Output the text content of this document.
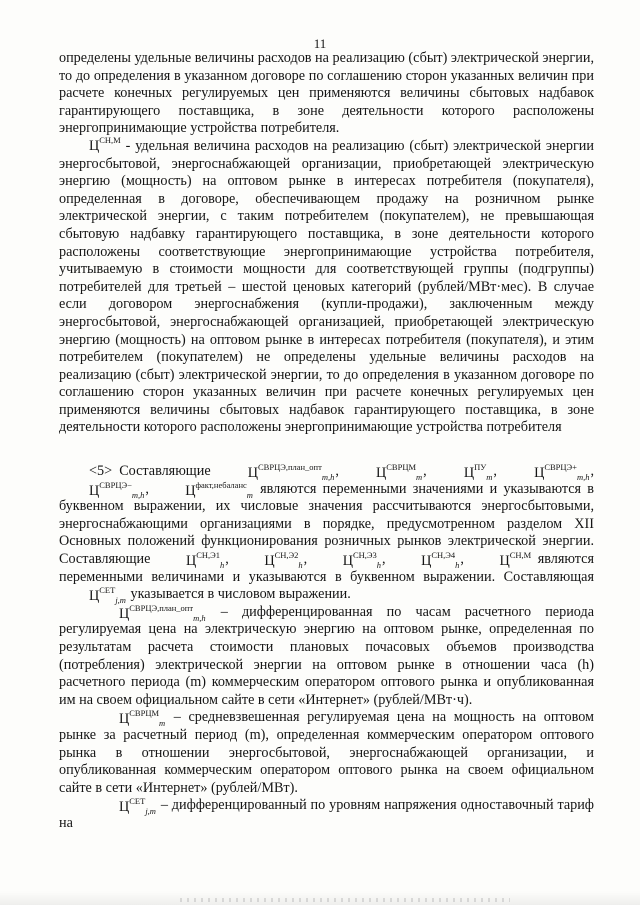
11

определены удельные величины расходов на реализацию (сбыт) электрической энергии, то до определения в указанном договоре по соглашению сторон указанных величин при расчете конечных регулируемых цен применяются величины сбытовых надбавок гарантирующего поставщика, в зоне деятельности которого расположены энергопринимающие устройства потребителя.

$Ц^{СН,М}$ - удельная величина расходов на реализацию (сбыт) электрической энергии энергосбытовой, энергоснабжающей организации, приобретающей электрическую энергию (мощность) на оптовом рынке в интересах потребителя (покупателя), определенная в договоре, обеспечивающем продажу на розничном рынке электрической энергии, с таким потребителем (покупателем), не превышающая сбытовую надбавку гарантирующего поставщика, в зоне деятельности которого расположены соответствующие энергопринимающие устройства потребителя, учитываемую в стоимости мощности для соответствующей группы (подгруппы) потребителей для третьей – шестой ценовых категорий (рублей/МВт·мес). В случае если договором энергоснабжения (купли-продажи), заключенным между энергосбытовой, энергоснабжающей организацией, приобретающей электрическую энергию (мощность) на оптовом рынке в интересах потребителя (покупателя), и этим потребителем (покупателем) не определены удельные величины расходов на реализацию (сбыт) электрической энергии, то до определения в указанном договоре по соглашению сторон указанных величин при расчете конечных регулируемых цен применяются величины сбытовых надбавок гарантирующего поставщика, в зоне деятельности которого расположены энергопринимающие устройства потребителя

<5> Составляющие	$Ц^{СВРЦЭ,план\_опт}_{m,h}$, $Ц^{СВРЦМ}_m$, $Ц^{ПУ}_m$, $Ц^{СВРЦЭ+}_{m,h}$, $Ц^{СВРЦЭ-}_{m,h}$, $Ц^{факт,небаланс}_m$ являются переменными значениями и указываются в буквенном выражении, их числовые значения рассчитываются энергосбытовыми, энергоснабжающими организациями в порядке, предусмотренном разделом XII Основных положений функционирования розничных рынков электрической энергии. Составляющие $Ц^{СН,Э1}_h$, $Ц^{СН,Э2}_h$, $Ц^{СН,Э3}_h$, $Ц^{СН,Э4}_h$, $Ц^{СН,М}$ являются переменными величинами и указываются в буквенном выражении. Составляющая $Ц^{СЕТ}_{j,m}$ указывается в числовом выражении.

$Ц^{СВРЦЭ,план\_опт}_{m,h}$ – дифференцированная по часам расчетного периода регулируемая цена на электрическую энергию на оптовом рынке, определенная по результатам расчета стоимости плановых почасовых объемов производства (потребления) электрической энергии на оптовом рынке в отношении часа (h) расчетного периода (m) коммерческим оператором оптового рынка и опубликованная им на своем официальном сайте в сети «Интернет» (рублей/МВт·ч).

$Ц^{СВРЦМ}_m$ – средневзвешенная регулируемая цена на мощность на оптовом рынке за расчетный период (m), определенная коммерческим оператором оптового рынка в отношении энергосбытовой, энергоснабжающей организации, и опубликованная коммерческим оператором оптового рынка на своем официальном сайте в сети «Интернет» (рублей/МВт).

$Ц^{СЕТ}_{j,m}$ – дифференцированный по уровням напряжения одноставочный тариф на
